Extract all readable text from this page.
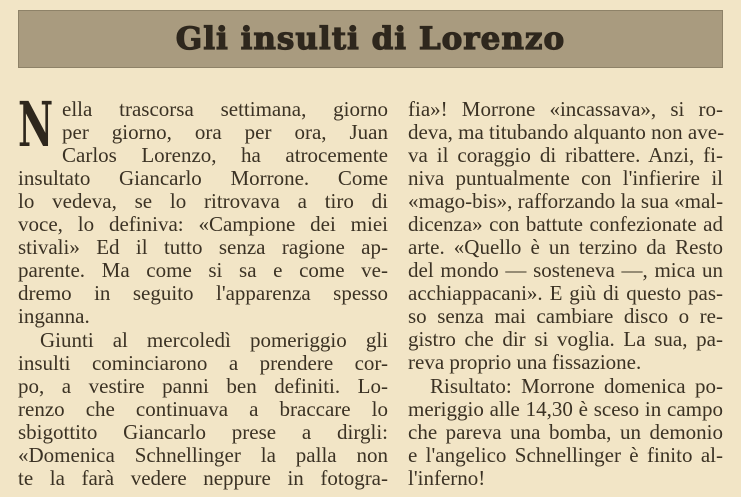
Gli insulti di Lorenzo
N ella trascorsa settimana, giorno
per giorno, ora per ora, Juan
Carlos Lorenzo, ha atrocemente
insultato Giancarlo Morrone. Come
lo vedeva, se lo ritrovava a tiro di
voce, lo definiva: «Campione dei miei
stivali» Ed il tutto senza ragione ap-
parente. Ma come si sa e come ve-
dremo in seguito l'apparenza spesso
inganna.
Giunti al mercoledì pomeriggio gli
insulti cominciarono a prendere cor-
po, a vestire panni ben definiti. Lo-
renzo che continuava a braccare lo
sbigottito Giancarlo prese a dirgli:
«Domenica Schnellinger la palla non
te la farà vedere neppure in fotogra-
fia»! Morrone «incassava», si ro-
deva, ma titubando alquanto non ave-
va il coraggio di ribattere. Anzi, fi-
niva puntualmente con l'infierire il
«mago-bis», rafforzando la sua «mal-
dicenza» con battute confezionate ad
arte. «Quello è un terzino da Resto
del mondo — sosteneva —, mica un
acchiappacani». E giù di questo pas-
so senza mai cambiare disco o re-
gistro che dir si voglia. La sua, pa-
reva proprio una fissazione.
Risultato: Morrone domenica po-
meriggio alle 14,30 è sceso in campo
che pareva una bomba, un demonio
e l'angelico Schnellinger è finito al-
l'inferno!
